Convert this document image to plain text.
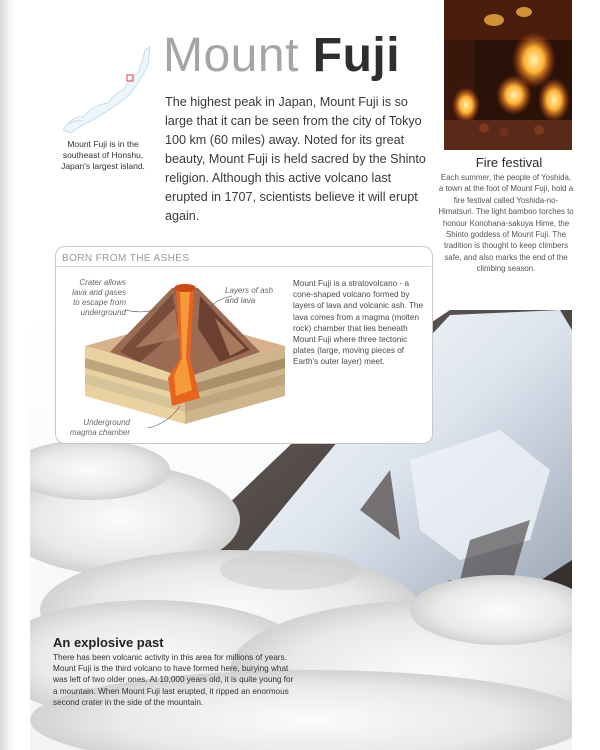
BORN FROM THE ASHES
Crater allows lava and gases to escape from underground
Layers of ash and lava
Underground magma chamber
Mount Fuji is a stratovolcano - a cone-shaped volcano formed by layers of lava and volcanic ash. The lava comes from a magma (molten rock) chamber that lies beneath Mount Fuji where three tectonic plates (large, moving pieces of Earth's outer layer) meet.
Mount Fuji is in the southeast of Honshu, Japan's largest island.
Mount Fuji
The highest peak in Japan, Mount Fuji is so large that it can be seen from the city of Tokyo 100 km (60 miles) away. Noted for its great beauty, Mount Fuji is held sacred by the Shinto religion. Although this active volcano last erupted in 1707, scientists believe it will erupt again.
Fire festival
Each summer, the people of Yoshida, a town at the foot of Mount Fuji, hold a fire festival called Yoshida-no-Himatsuri. The light bamboo torches to honour Konohana-sakuya Hime, the Shinto goddess of Mount Fuji. The tradition is thought to keep climbers safe, and also marks the end of the climbing season.
An explosive past
There has been volcanic activity in this area for millions of years. Mount Fuji is the third volcano to have formed here, burying what was left of two older ones. At 10,000 years old, it is quite young for a mountain. When Mount Fuji last erupted, it ripped an enormous second crater in the side of the mountain.
